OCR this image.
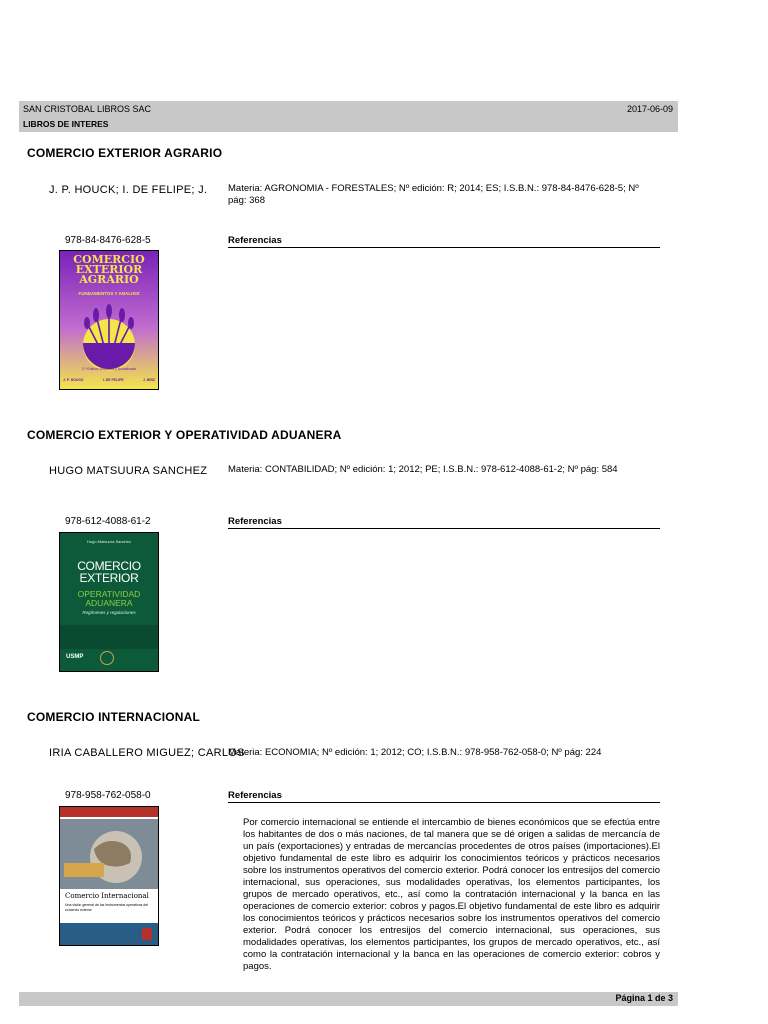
SAN CRISTOBAL LIBROS SAC	2017-06-09
LIBROS DE INTERES
COMERCIO EXTERIOR AGRARIO
J. P. HOUCK; I. DE FELIPE; J.	Materia: AGRONOMIA - FORESTALES; Nº edición: R; 2014; ES; I.S.B.N.: 978-84-8476-628-5; Nº pág: 368
978-84-8476-628-5	Referencias
COMERCIO
EXTERIOR
AGRARIO
FUNDAMENTOS Y ANALISIS
2.ª Edición Ampliada y Actualizada
J. P. HOUCK	I. DE FELIPE	J. BRIZ
COMERCIO EXTERIOR Y OPERATIVIDAD ADUANERA
HUGO MATSUURA SANCHEZ	Materia: CONTABILIDAD; Nº edición: 1; 2012; PE; I.S.B.N.: 978-612-4088-61-2; Nº pág: 584
978-612-4088-61-2	Referencias
Hugo Matsuura Sanchez
COMERCIO
EXTERIOR
OPERATIVIDAD
ADUANERA
Regímenes y regulaciones
USMP
COMERCIO INTERNACIONAL
IRIA CABALLERO MIGUEZ; CARLOS
Materia: ECONOMIA; Nº edición: 1; 2012; CO; I.S.B.N.: 978-958-762-058-0; Nº pág: 224
978-958-762-058-0	Referencias
Comercio Internacional
Una visión general de los instrumentos operativos del comercio exterior
Por comercio internacional se entiende el intercambio de bienes económicos que se efectúa entre los habitantes de dos o más naciones, de tal manera que se dé origen a salidas de mercancía de un país (exportaciones) y entradas de mercancías procedentes de otros países (importaciones).El objetivo fundamental de este libro es adquirir los conocimientos teóricos y prácticos necesarios sobre los instrumentos operativos del comercio exterior. Podrá conocer los entresijos del comercio internacional, sus operaciones, sus modalidades operativas, los elementos participantes, los grupos de mercado operativos, etc., así como la contratación internacional y la banca en las operaciones de comercio exterior: cobros y pagos.El objetivo fundamental de este libro es adquirir los conocimientos teóricos y prácticos necesarios sobre los instrumentos operativos del comercio exterior. Podrá conocer los entresijos del comercio internacional, sus operaciones, sus modalidades operativas, los elementos participantes, los grupos de mercado operativos, etc., así como la contratación internacional y la banca en las operaciones de comercio exterior: cobros y pagos.
Página 1 de 3
